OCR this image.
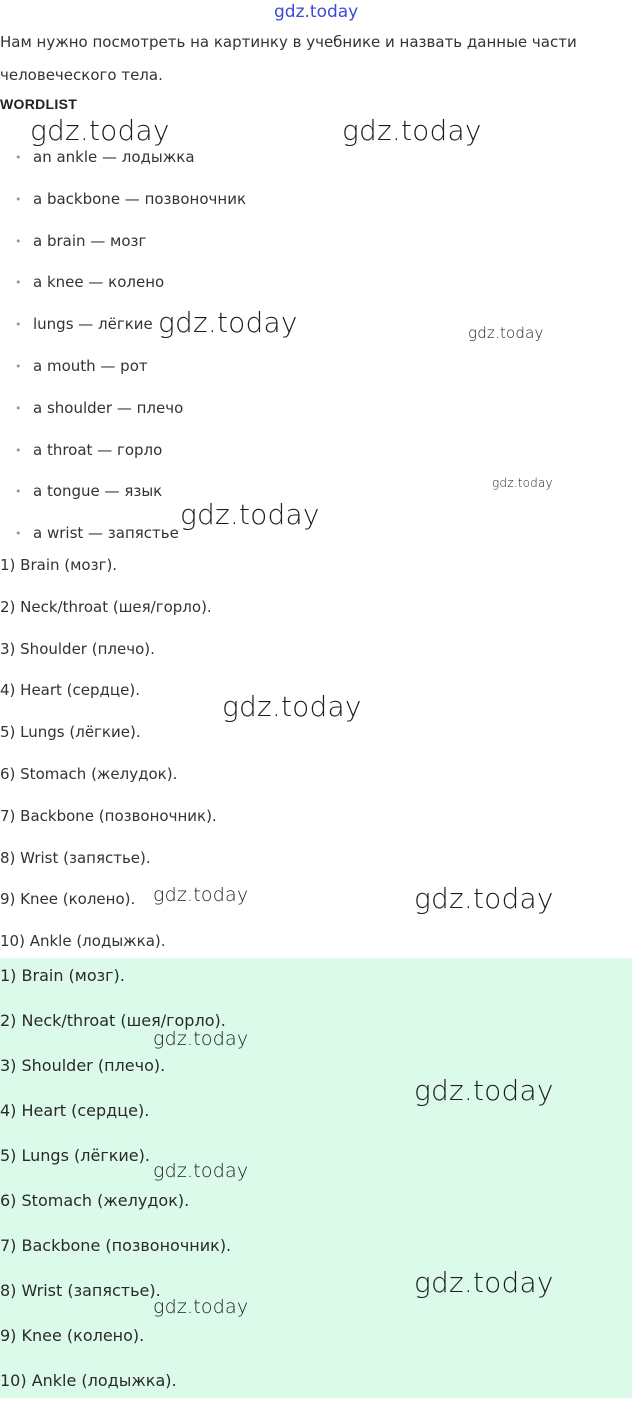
gdz.today
Нам нужно посмотреть на картинку в учебнике и назвать данные части человеческого тела.
WORDLIST
• an ankle — лодыжка
• a backbone — позвоночник
• a brain — мозг
• a knee — колено
• lungs — лёгкие
• a mouth — рот
• a shoulder — плечо
• a throat — горло
• a tongue — язык
• a wrist — запястье
1) Brain (мозг).
2) Neck/throat (шея/горло).
3) Shoulder (плечо).
4) Heart (сердце).
5) Lungs (лёгкие).
6) Stomach (желудок).
7) Backbone (позвоночник).
8) Wrist (запястье).
9) Knee (колено).
10) Ankle (лодыжка).
1) Brain (мозг).
2) Neck/throat (шея/горло).
3) Shoulder (плечо).
4) Heart (сердце).
5) Lungs (лёгкие).
6) Stomach (желудок).
7) Backbone (позвоночник).
8) Wrist (запястье).
9) Knee (колено).
10) Ankle (лодыжка).
gdz.today	gdz.today
gdz.today	gdz.today
gdz.today
gdz.today
gdz.today
gdz.today	gdz.today
gdz.today
gdz.today
gdz.today
gdz.today
gdz.today
